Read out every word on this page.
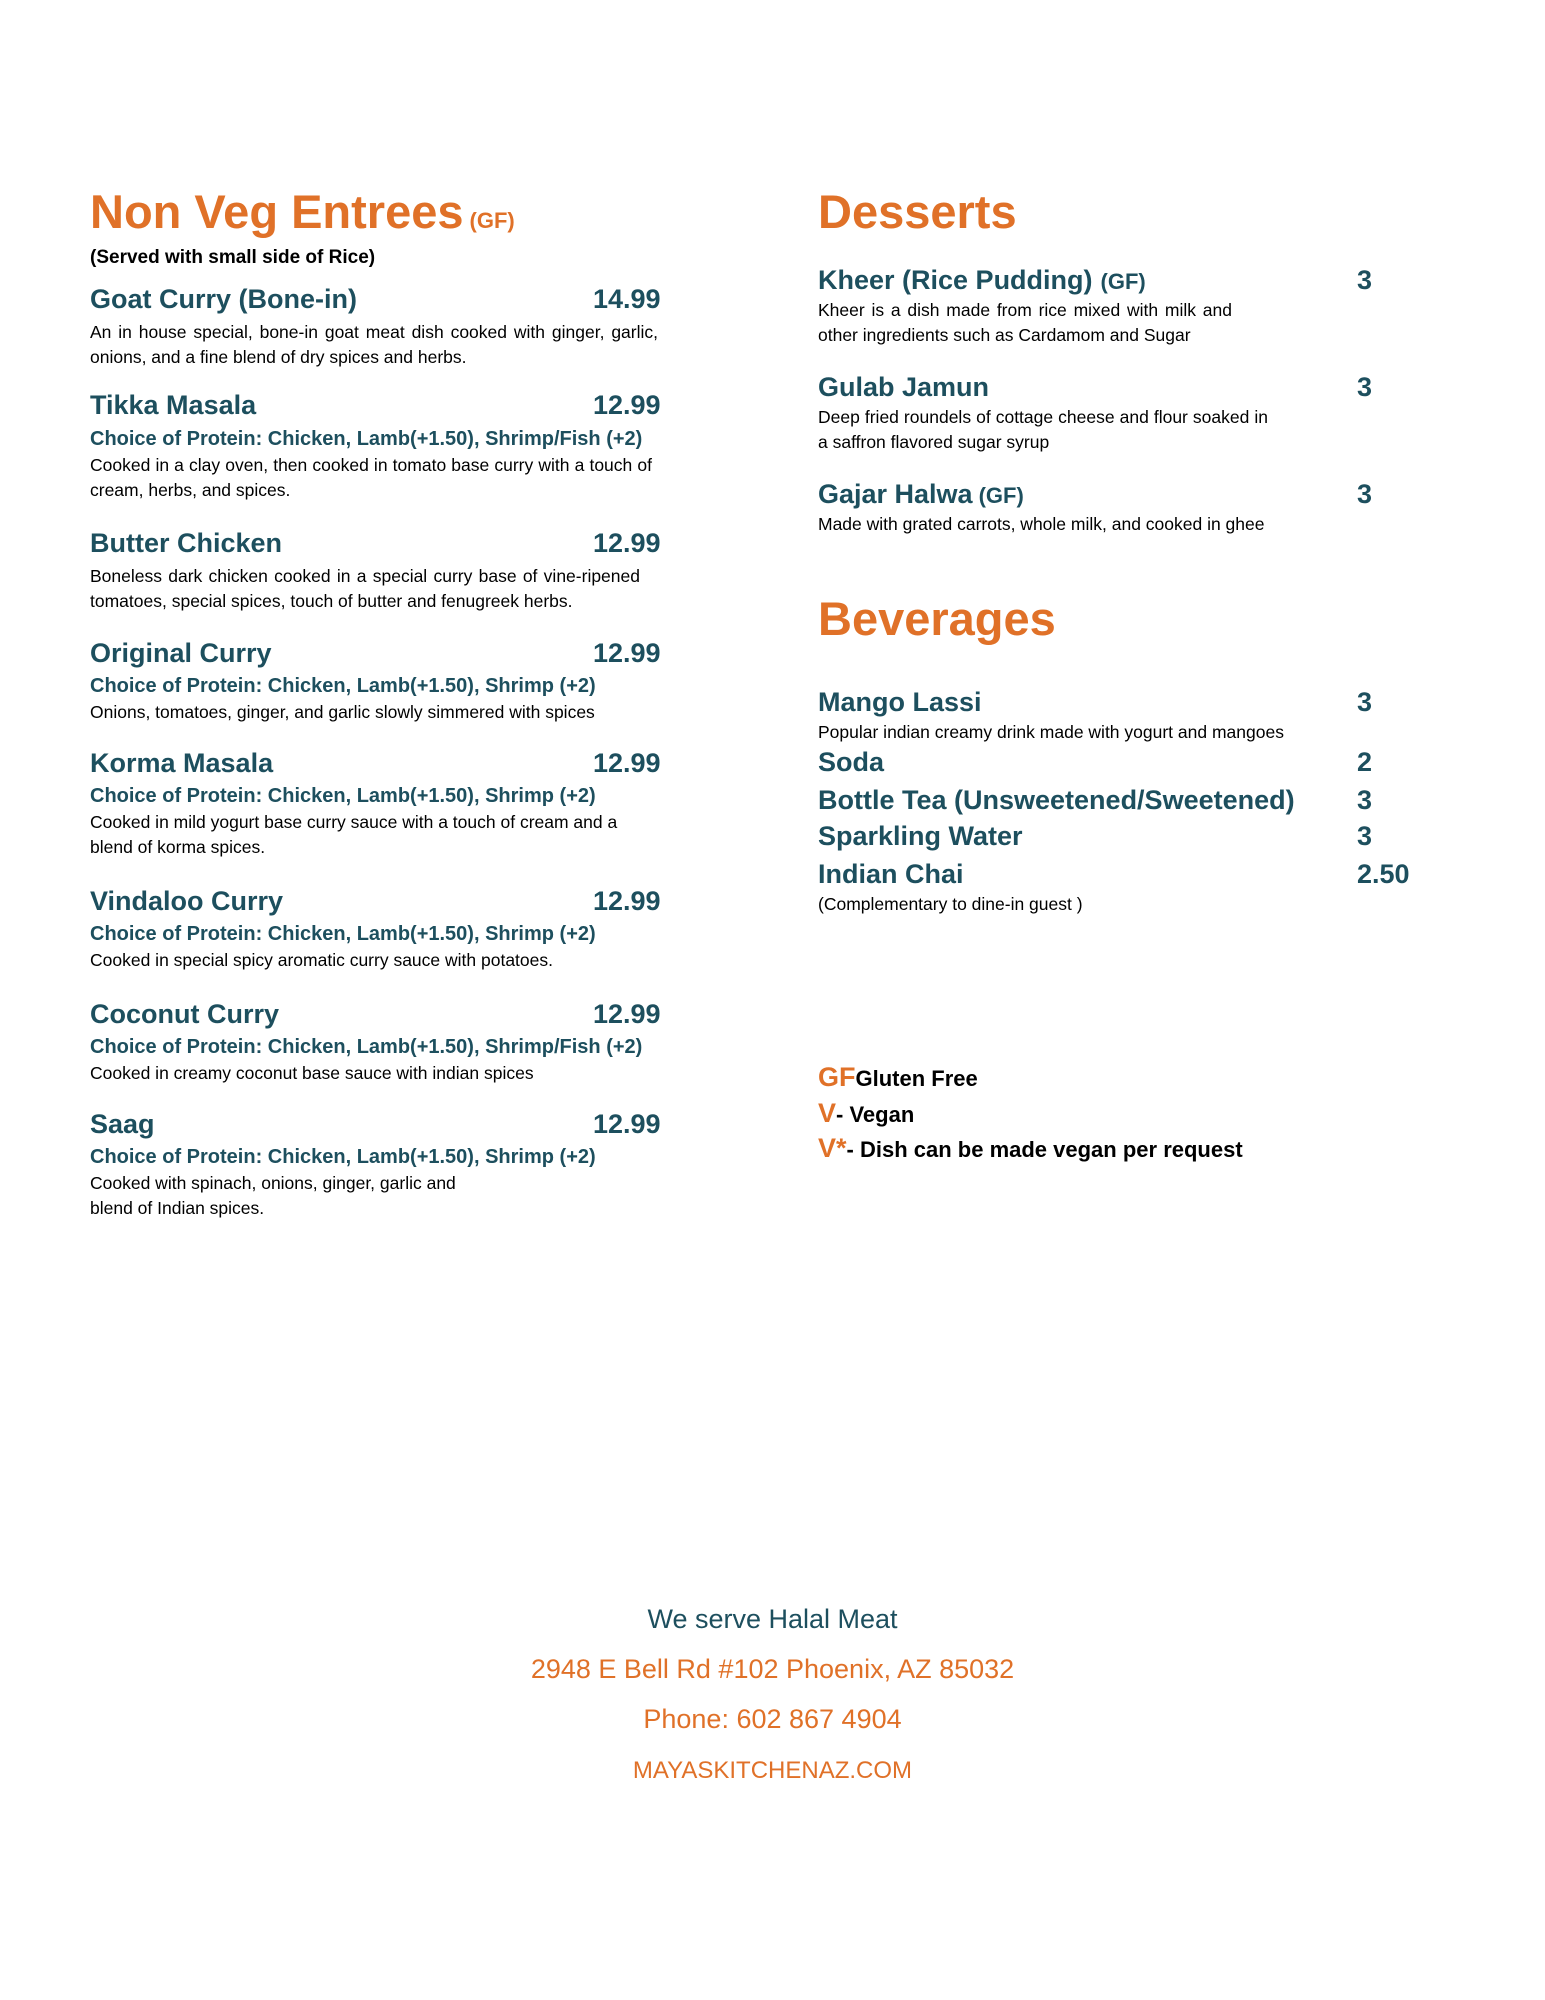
Non Veg Entrees (GF)
(Served with small side of Rice)
Goat Curry (Bone-in)	14.99
An in house special, bone-in goat meat dish cooked with ginger, garlic, onions, and a fine blend of dry spices and herbs.
Tikka Masala	12.99
Choice of Protein: Chicken, Lamb(+1.50), Shrimp/Fish (+2)
Cooked in a clay oven, then cooked in tomato base curry with a touch of cream, herbs, and spices.
Butter Chicken	12.99
Boneless dark chicken cooked in a special curry base of vine-ripened tomatoes, special spices, touch of butter and fenugreek herbs.
Original Curry	12.99
Choice of Protein: Chicken, Lamb(+1.50), Shrimp (+2)
Onions, tomatoes, ginger, and garlic slowly simmered with spices
Korma Masala	12.99
Choice of Protein: Chicken, Lamb(+1.50), Shrimp (+2)
Cooked in mild yogurt base curry sauce with a touch of cream and a blend of korma spices.
Vindaloo Curry	12.99
Choice of Protein: Chicken, Lamb(+1.50), Shrimp (+2)
Cooked in special spicy aromatic curry sauce with potatoes.
Coconut Curry	12.99
Choice of Protein: Chicken, Lamb(+1.50), Shrimp/Fish (+2)
Cooked in creamy coconut base sauce with indian spices
Saag	12.99
Choice of Protein: Chicken, Lamb(+1.50), Shrimp (+2)
Cooked with spinach, onions, ginger, garlic and blend of Indian spices.
Desserts
Kheer (Rice Pudding) (GF)	3
Kheer is a dish made from rice mixed with milk and other ingredients such as Cardamom and Sugar
Gulab Jamun	3
Deep fried roundels of cottage cheese and flour soaked in a saffron flavored sugar syrup
Gajar Halwa (GF)	3
Made with grated carrots, whole milk, and cooked in ghee
Beverages
Mango Lassi	3
Popular indian creamy drink made with yogurt and mangoes
Soda	2
Bottle Tea (Unsweetened/Sweetened) 3
Sparkling Water	3
Indian Chai	2.50
(Complementary to dine-in guest )
GFGluten Free
V- Vegan
V*- Dish can be made vegan per request
We serve Halal Meat
2948 E Bell Rd #102 Phoenix, AZ 85032
Phone: 602 867 4904
MAYASKITCHENAZ.COM
